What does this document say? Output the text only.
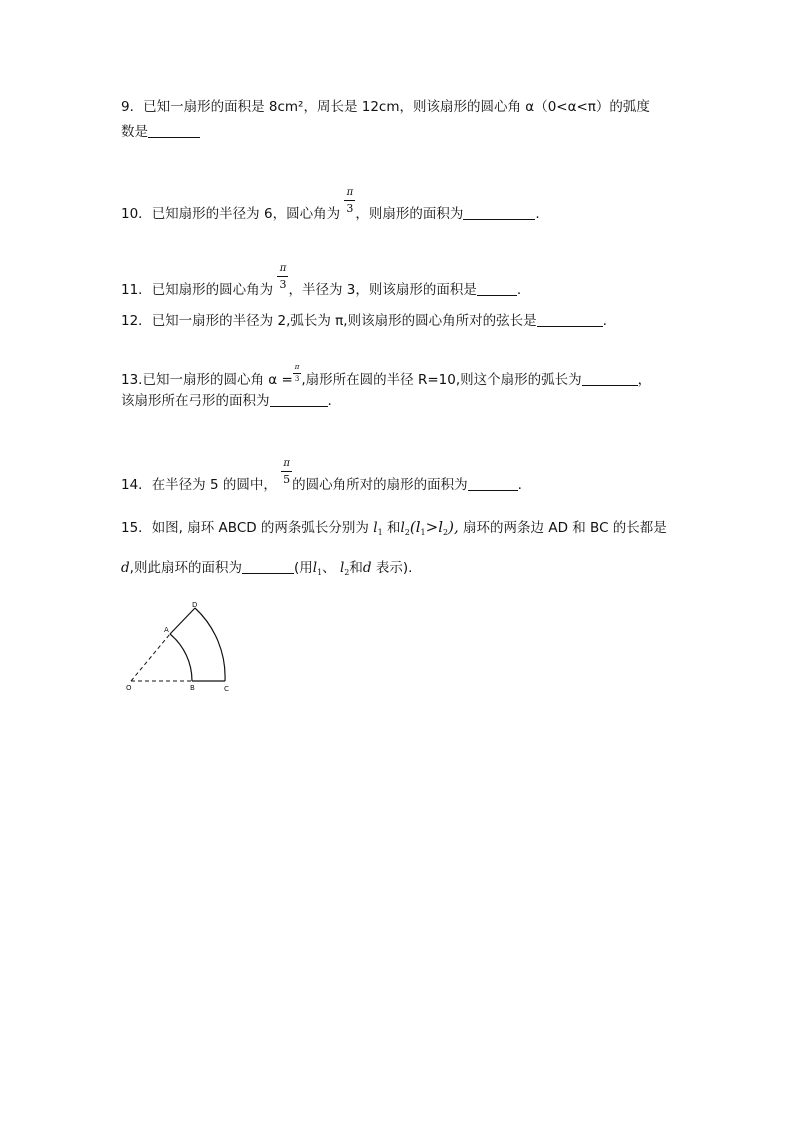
9．已知一扇形的面积是 8cm²，周长是 12cm，则该扇形的圆心角 α（0<α<π）的弧度
数是
10．已知扇形的半径为 6，圆心角为 $\frac{\pi}{3}$ ，则扇形的面积为	.
11．已知扇形的圆心角为 $\frac{\pi}{3}$ ，半径为 3，则该扇形的面积是	.
12．已知一扇形的半径为 2,弧长为 π,则该扇形的圆心角所对的弦长是	.
13.已知一扇形的圆心角 $\alpha = \frac{\pi}{3}$ ,扇形所在圆的半径 R=10,则这个扇形的弧长为	，
该扇形所在弓形的面积为	.
14．在半径为 5 的圆中， $\frac{\pi}{5}$ 的圆心角所对的扇形的面积为	.
15．如图, 扇环 ABCD 的两条弧长分别为 $l_1$ 和$l_2(l_1>l_2)$, 扇环的两条边 AD 和 BC 的长都是
d,则此扇环的面积为	(用$l_1$、 $l_2$和d 表示).
O
A
B	C
D
